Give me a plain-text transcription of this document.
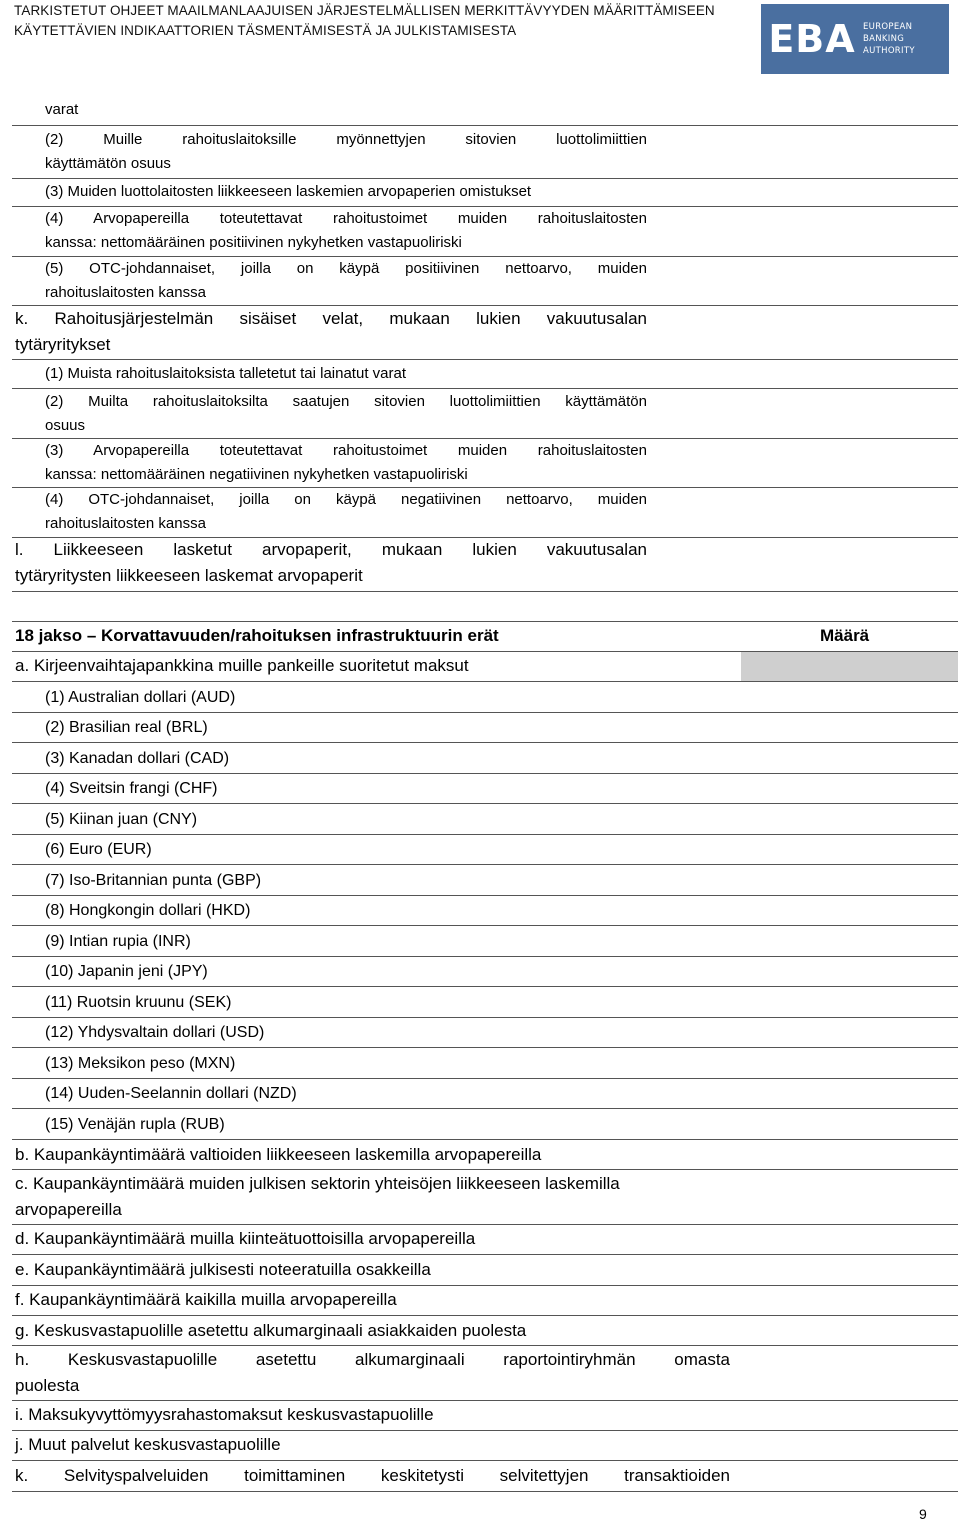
TARKISTETUT OHJEET MAAILMANLAAJUISEN JÄRJESTELMÄLLISEN MERKITTÄVYYDEN MÄÄRITTÄMISEEN
KÄYTETTÄVIEN INDIKAATTORIEN TÄSMENTÄMISESTÄ JA JULKISTAMISESTA	EBA EUROPEAN
BANKING
AUTHORITY
varat
(2) Muille rahoituslaitoksille myönnettyjen sitovien luottolimiittien
käyttämätön osuus
(3) Muiden luottolaitosten liikkeeseen laskemien arvopaperien omistukset
(4) Arvopapereilla toteutettavat rahoitustoimet muiden rahoituslaitosten
kanssa: nettomääräinen positiivinen nykyhetken vastapuoliriski
(5) OTC-johdannaiset, joilla on käypä positiivinen nettoarvo, muiden
rahoituslaitosten kanssa
k. Rahoitusjärjestelmän sisäiset velat, mukaan lukien vakuutusalan
tytäryritykset
(1) Muista rahoituslaitoksista talletetut tai lainatut varat
(2) Muilta rahoituslaitoksilta saatujen sitovien luottolimiittien käyttämätön
osuus
(3) Arvopapereilla toteutettavat rahoitustoimet muiden rahoituslaitosten
kanssa: nettomääräinen negatiivinen nykyhetken vastapuoliriski
(4) OTC-johdannaiset, joilla on käypä negatiivinen nettoarvo, muiden
rahoituslaitosten kanssa
l. Liikkeeseen lasketut arvopaperit, mukaan lukien vakuutusalan
tytäryritysten liikkeeseen laskemat arvopaperit
18 jakso – Korvattavuuden/rahoituksen infrastruktuurin erät	Määrä
a. Kirjeenvaihtajapankkina muille pankeille suoritetut maksut
(1) Australian dollari (AUD)
(2) Brasilian real (BRL)
(3) Kanadan dollari (CAD)
(4) Sveitsin frangi (CHF)
(5) Kiinan juan (CNY)
(6) Euro (EUR)
(7) Iso-Britannian punta (GBP)
(8) Hongkongin dollari (HKD)
(9) Intian rupia (INR)
(10) Japanin jeni (JPY)
(11) Ruotsin kruunu (SEK)
(12) Yhdysvaltain dollari (USD)
(13) Meksikon peso (MXN)
(14) Uuden-Seelannin dollari (NZD)
(15) Venäjän rupla (RUB)
b. Kaupankäyntimäärä valtioiden liikkeeseen laskemilla arvopapereilla
c. Kaupankäyntimäärä muiden julkisen sektorin yhteisöjen liikkeeseen laskemilla
arvopapereilla
d. Kaupankäyntimäärä muilla kiinteätuottoisilla arvopapereilla
e. Kaupankäyntimäärä julkisesti noteeratuilla osakkeilla
f. Kaupankäyntimäärä kaikilla muilla arvopapereilla
g. Keskusvastapuolille asetettu alkumarginaali asiakkaiden puolesta
h. Keskusvastapuolille asetettu alkumarginaali raportointiryhmän omasta
puolesta
i. Maksukyvyttömyysrahastomaksut keskusvastapuolille
j. Muut palvelut keskusvastapuolille
k. Selvityspalveluiden toimittaminen keskitetysti selvitettyjen transaktioiden
9
